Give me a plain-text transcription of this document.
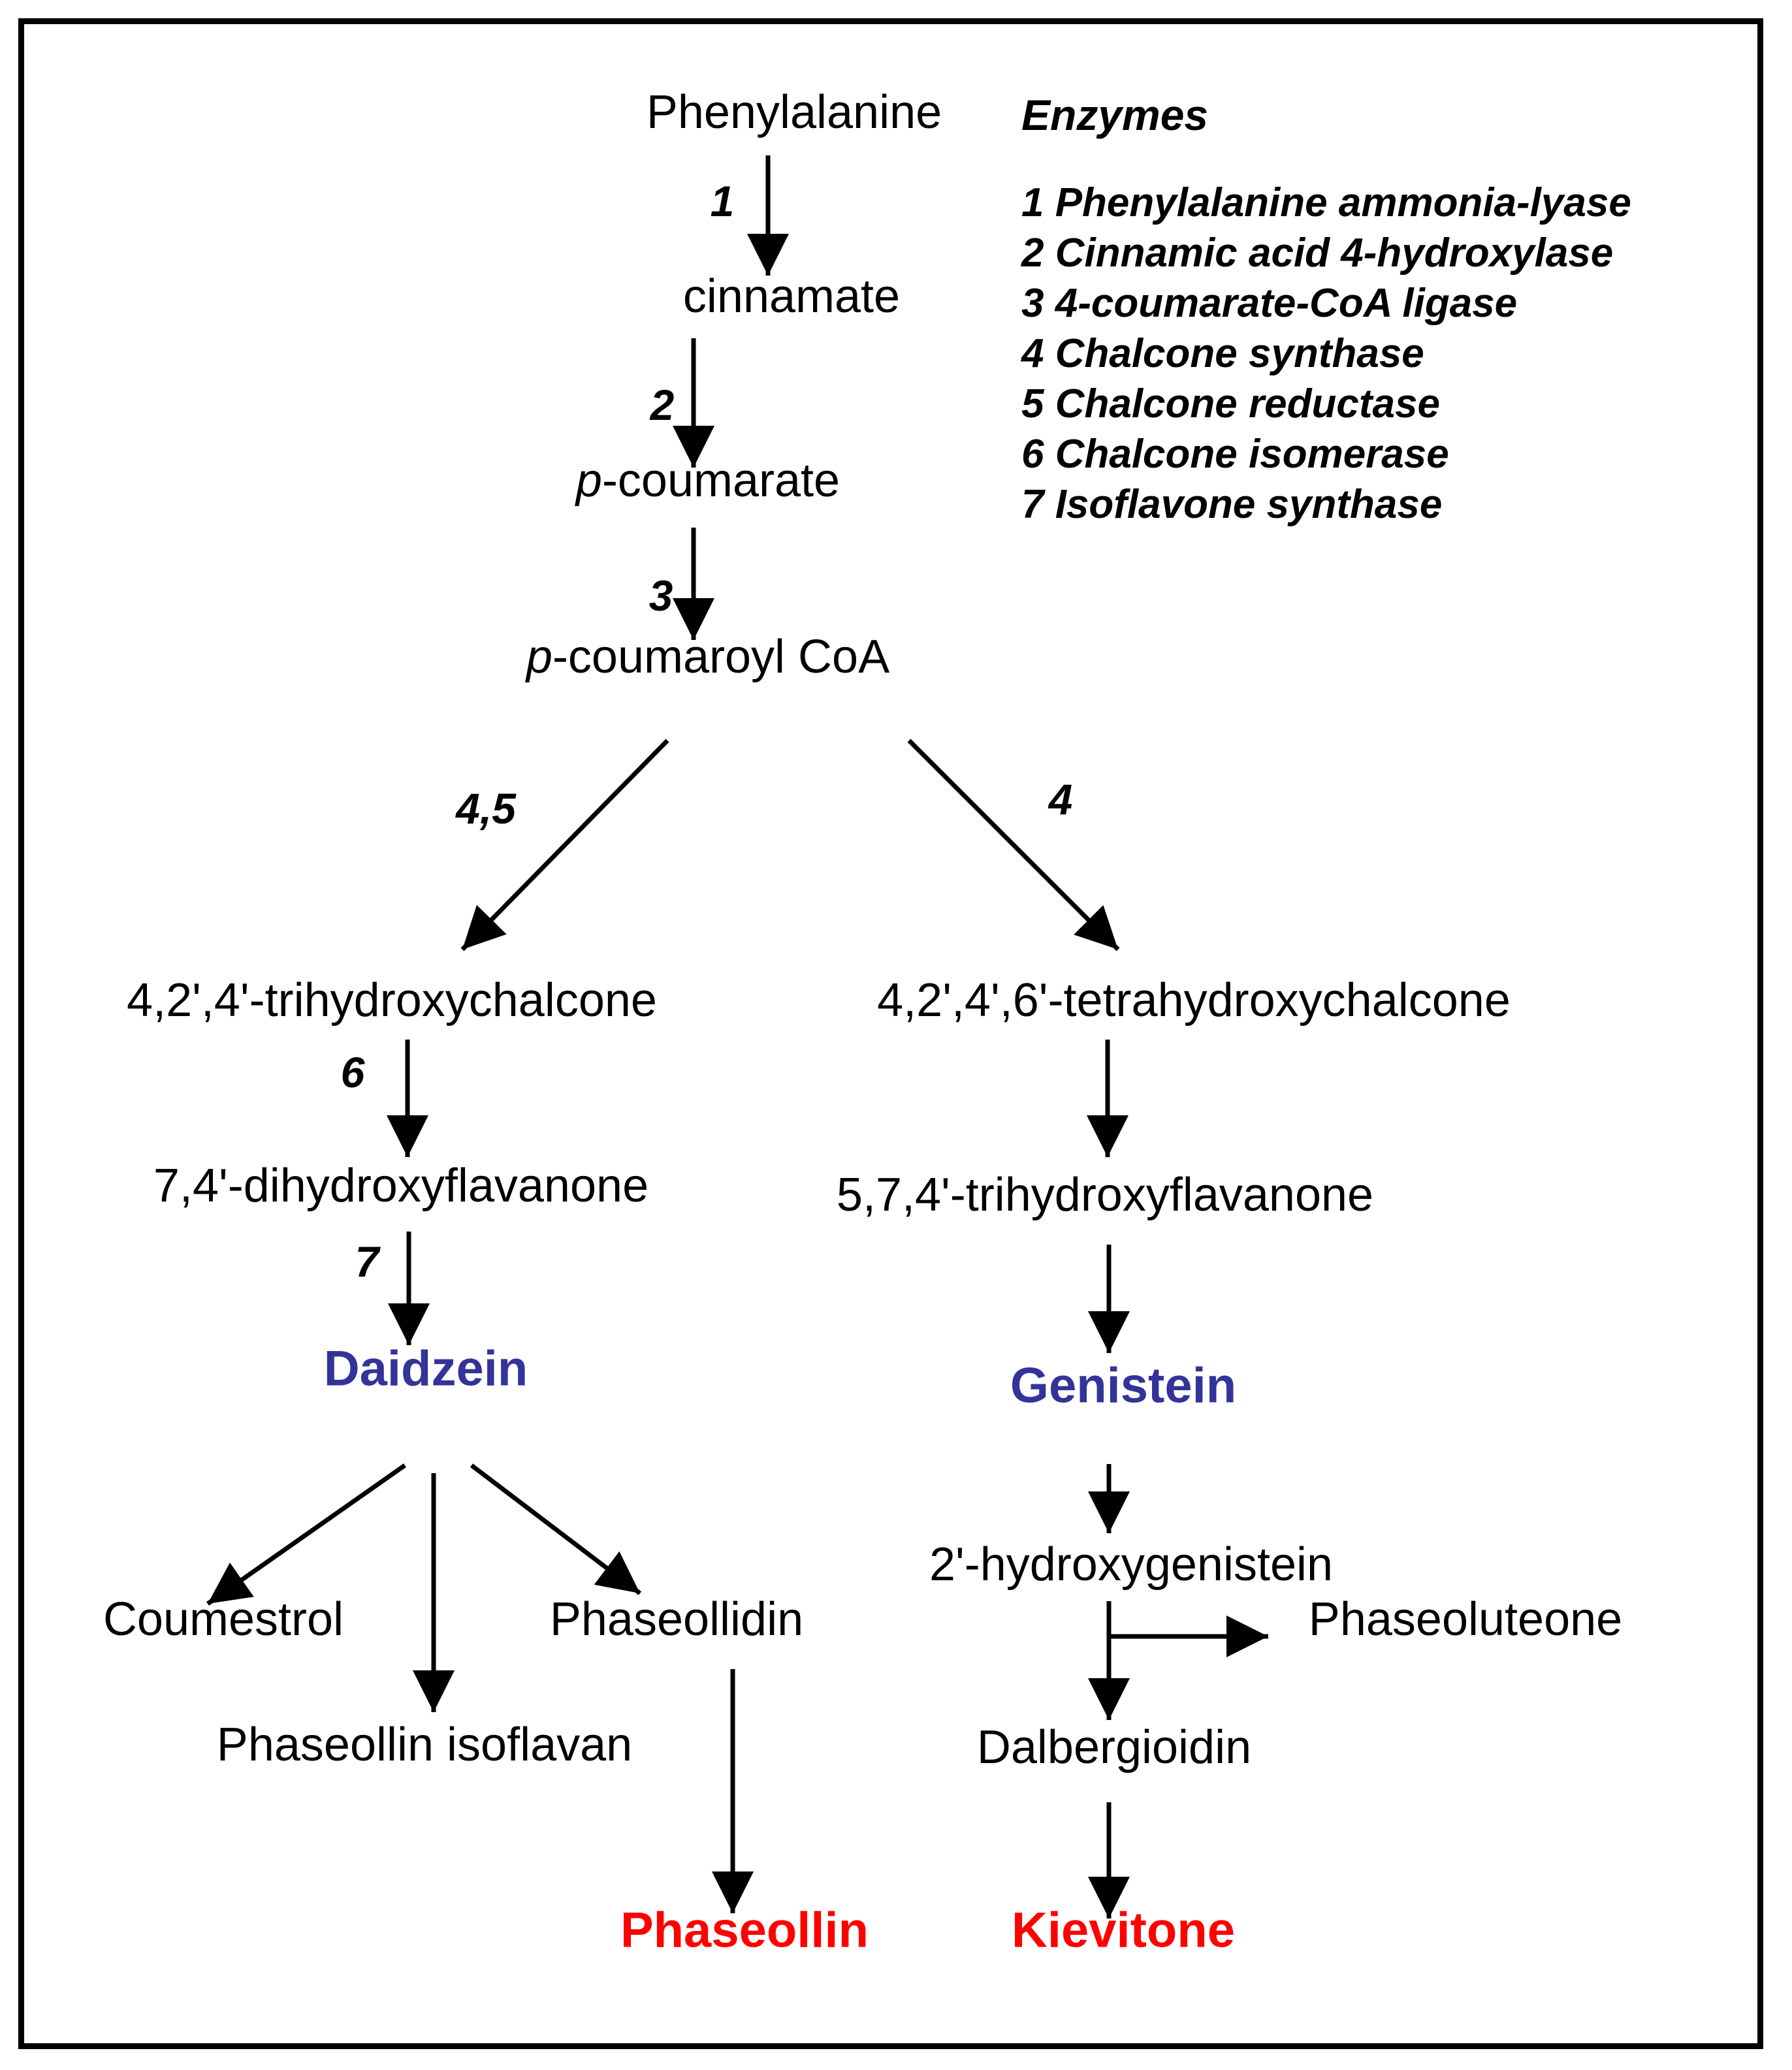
Phenylalanine
cinnamate
p-coumarate
p-coumaroyl CoA
4,2',4'-trihydroxychalcone	4,2',4',6'-tetrahydroxychalcone
7,4'-dihydroxyflavanone	5,7,4'-trihydroxyflavanone
Daidzein	Genistein
Coumestrol
Phaseollin isoflavan
Phaseollidin
2'-hydroxygenistein
Phaseoluteone
Dalbergioidin
Phaseollin	Kievitone
1
2
3
4,5	4
6
7
Enzymes
1 Phenylalanine ammonia-lyase
2 Cinnamic acid 4-hydroxylase
3 4-coumarate-CoA ligase
4 Chalcone synthase
5 Chalcone reductase
6 Chalcone isomerase
7 Isoflavone synthase
